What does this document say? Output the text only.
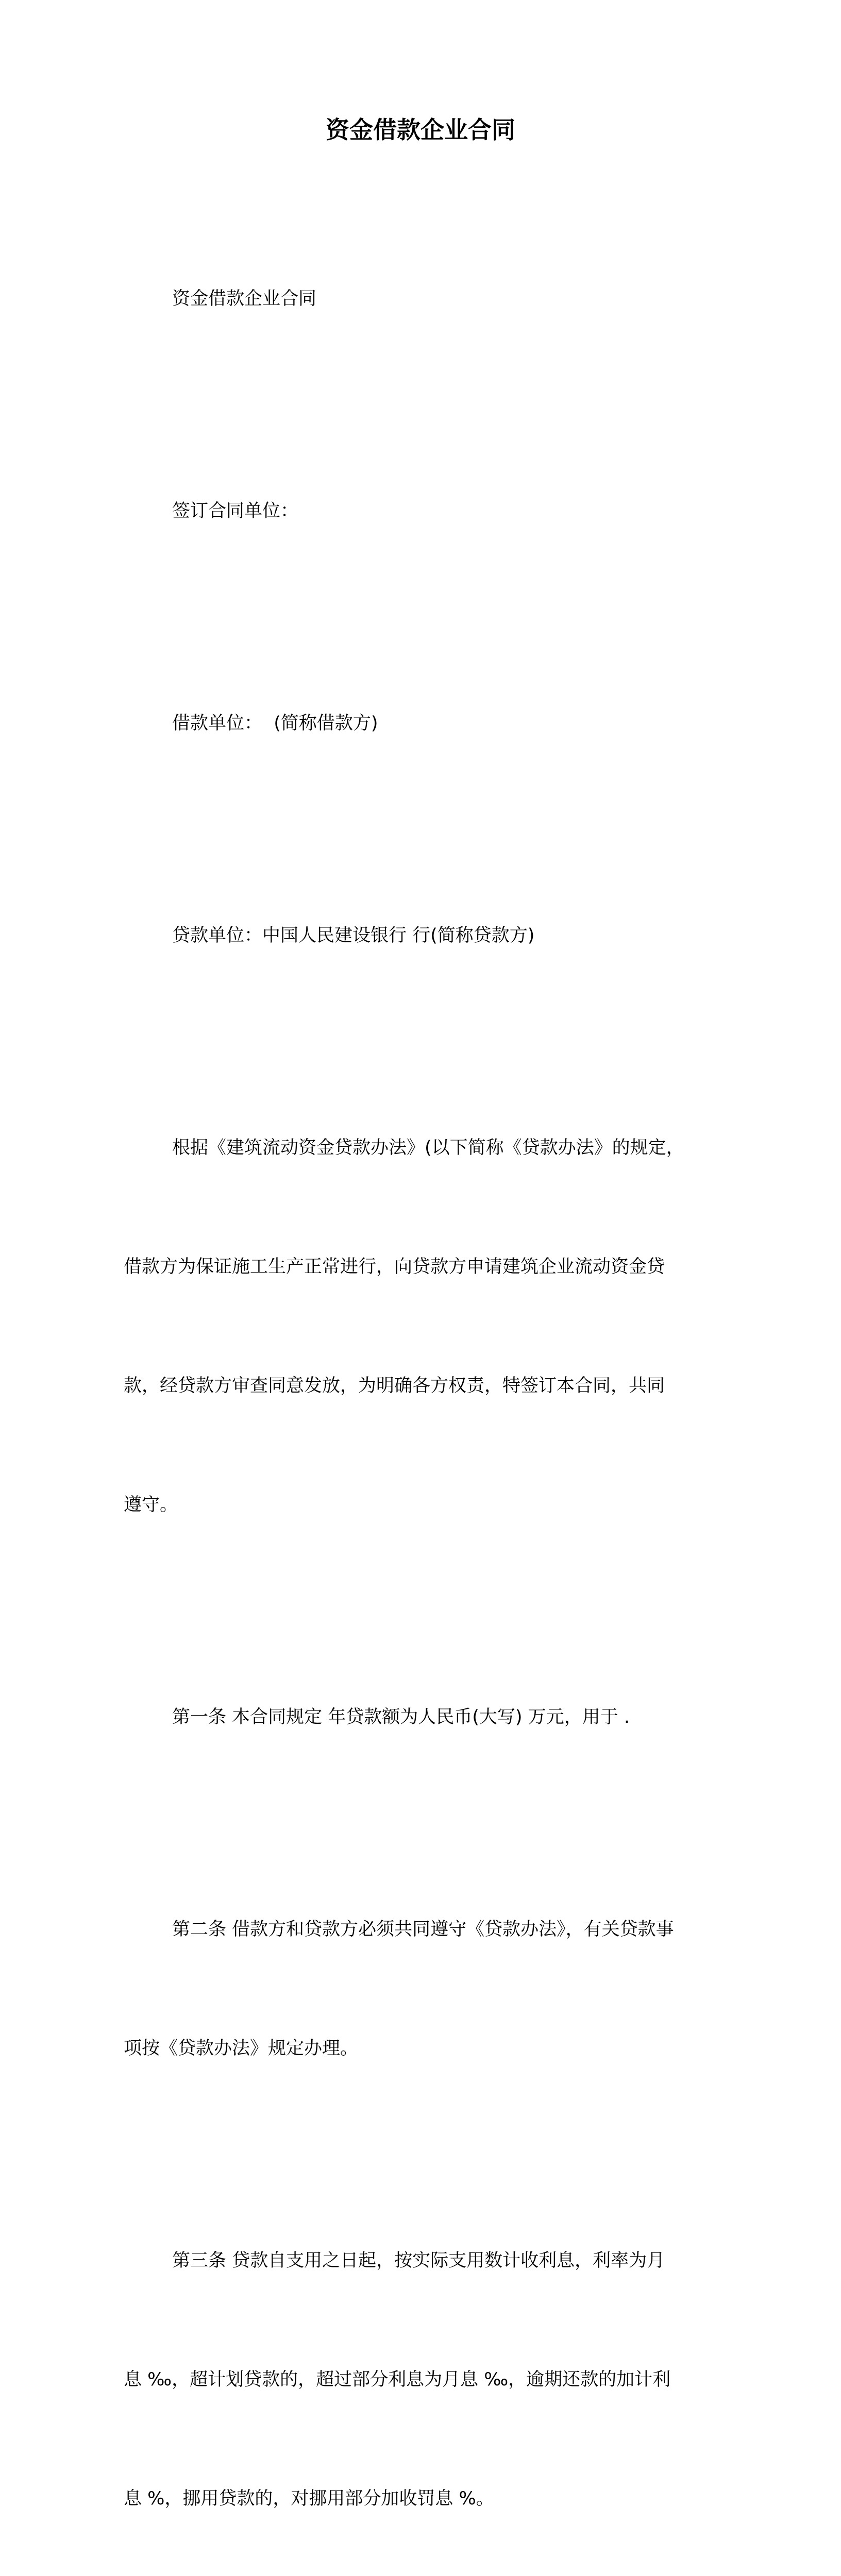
资金借款企业合同

资金借款企业合同

签订合同单位：

借款单位：  (简称借款方)

贷款单位：中国人民建设银行 行(简称贷款方)

根据《建筑流动资金贷款办法》(以下简称《贷款办法》的规定，

借款方为保证施工生产正常进行，向贷款方申请建筑企业流动资金贷

款，经贷款方审查同意发放，为明确各方权责，特签订本合同，共同

遵守。

第一条 本合同规定 年贷款额为人民币(大写) 万元，用于 .

第二条 借款方和贷款方必须共同遵守《贷款办法》，有关贷款事

项按《贷款办法》规定办理。

第三条 贷款自支用之日起，按实际支用数计收利息，利率为月

息 ‰，超计划贷款的，超过部分利息为月息 ‰，逾期还款的加计利

息 %，挪用贷款的，对挪用部分加收罚息 %。
